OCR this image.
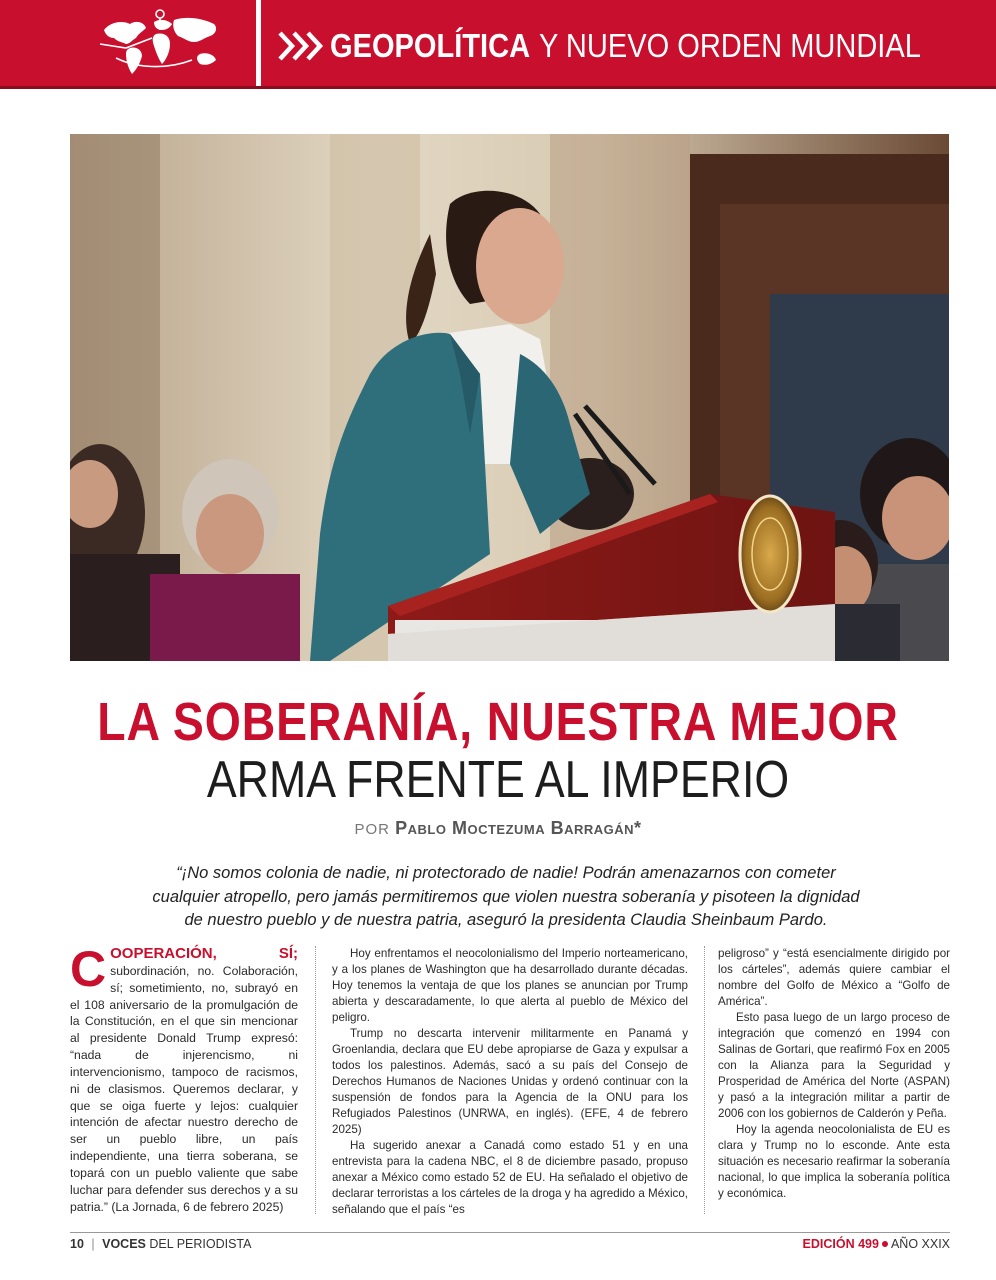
GEOPOLÍTICA Y NUEVO ORDEN MUNDIAL
LA SOBERANÍA, NUESTRA MEJOR
ARMA FRENTE AL IMPERIO
POR Pablo Moctezuma Barragán*
“¡No somos colonia de nadie, ni protectorado de nadie! Podrán amenazarnos con cometer cualquier atropello, pero jamás permitiremos que violen nuestra soberanía y pisoteen la dignidad de nuestro pueblo y de nuestra patria, aseguró la presidenta Claudia Sheinbaum Pardo.

COOPERACIÓN, SÍ; subordinación, no. Colaboración, sí; sometimiento, no, subrayó en el 108 aniversario de la promulgación de la Constitución, en el que sin mencionar al presidente Donald Trump expresó: “nada de injerencismo, ni intervencionismo, tampoco de racismos, ni de clasismos. Queremos declarar, y que se oiga fuerte y lejos: cualquier intención de afectar nuestro derecho de ser un pueblo libre, un país independiente, una tierra soberana, se topará con un pueblo valiente que sabe luchar para defender sus derechos y a su patria.” (La Jornada, 6 de febrero 2025)

Hoy enfrentamos el neocolonialismo del Imperio norteamericano, y a los planes de Washington que ha desarrollado durante décadas. Hoy tenemos la ventaja de que los planes se anuncian por Trump abierta y descaradamente, lo que alerta al pueblo de México del peligro.

Trump no descarta intervenir militarmente en Panamá y Groenlandia, declara que EU debe apropiarse de Gaza y expulsar a todos los palestinos. Además, sacó a su país del Consejo de Derechos Humanos de Naciones Unidas y ordenó continuar con la suspensión de fondos para la Agencia de la ONU para los Refugiados Palestinos (UNRWA, en inglés). (EFE, 4 de febrero 2025)

Ha sugerido anexar a Canadá como estado 51 y en una entrevista para la cadena NBC, el 8 de diciembre pasado, propuso anexar a México como estado 52 de EU. Ha señalado el objetivo de declarar terroristas a los cárteles de la droga y ha agredido a México, señalando que el país “es

peligroso” y “está esencialmente dirigido por los cárteles”, además quiere cambiar el nombre del Golfo de México a “Golfo de América”.

Esto pasa luego de un largo proceso de integración que comenzó en 1994 con Salinas de Gortari, que reafirmó Fox en 2005 con la Alianza para la Seguridad y Prosperidad de América del Norte (ASPAN) y pasó a la integración militar a partir de 2006 con los gobiernos de Calderón y Peña.

Hoy la agenda neocolonialista de EU es clara y Trump no lo esconde. Ante esta situación es necesario reafirmar la soberanía nacional, lo que implica la soberanía política y económica.

10 | VOCES DEL PERIODISTA	EDICIÓN 499 AÑO XXIX
